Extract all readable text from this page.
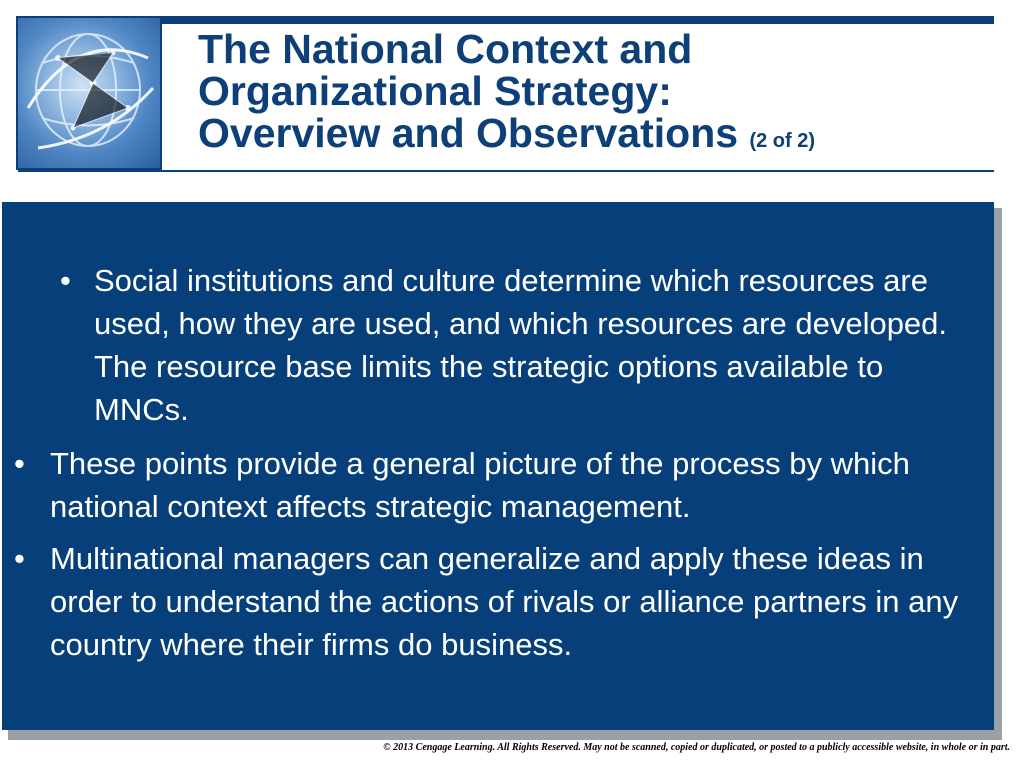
The National Context and
Organizational Strategy:
Overview and Observations (2 of 2)
• Social institutions and culture determine which resources are used, how they are used, and which resources are developed. The resource base limits the strategic options available to MNCs.
• These points provide a general picture of the process by which national context affects strategic management.
• Multinational managers can generalize and apply these ideas in order to understand the actions of rivals or alliance partners in any country where their firms do business.
© 2013 Cengage Learning. All Rights Reserved. May not be scanned, copied or duplicated, or posted to a publicly accessible website, in whole or in part.
